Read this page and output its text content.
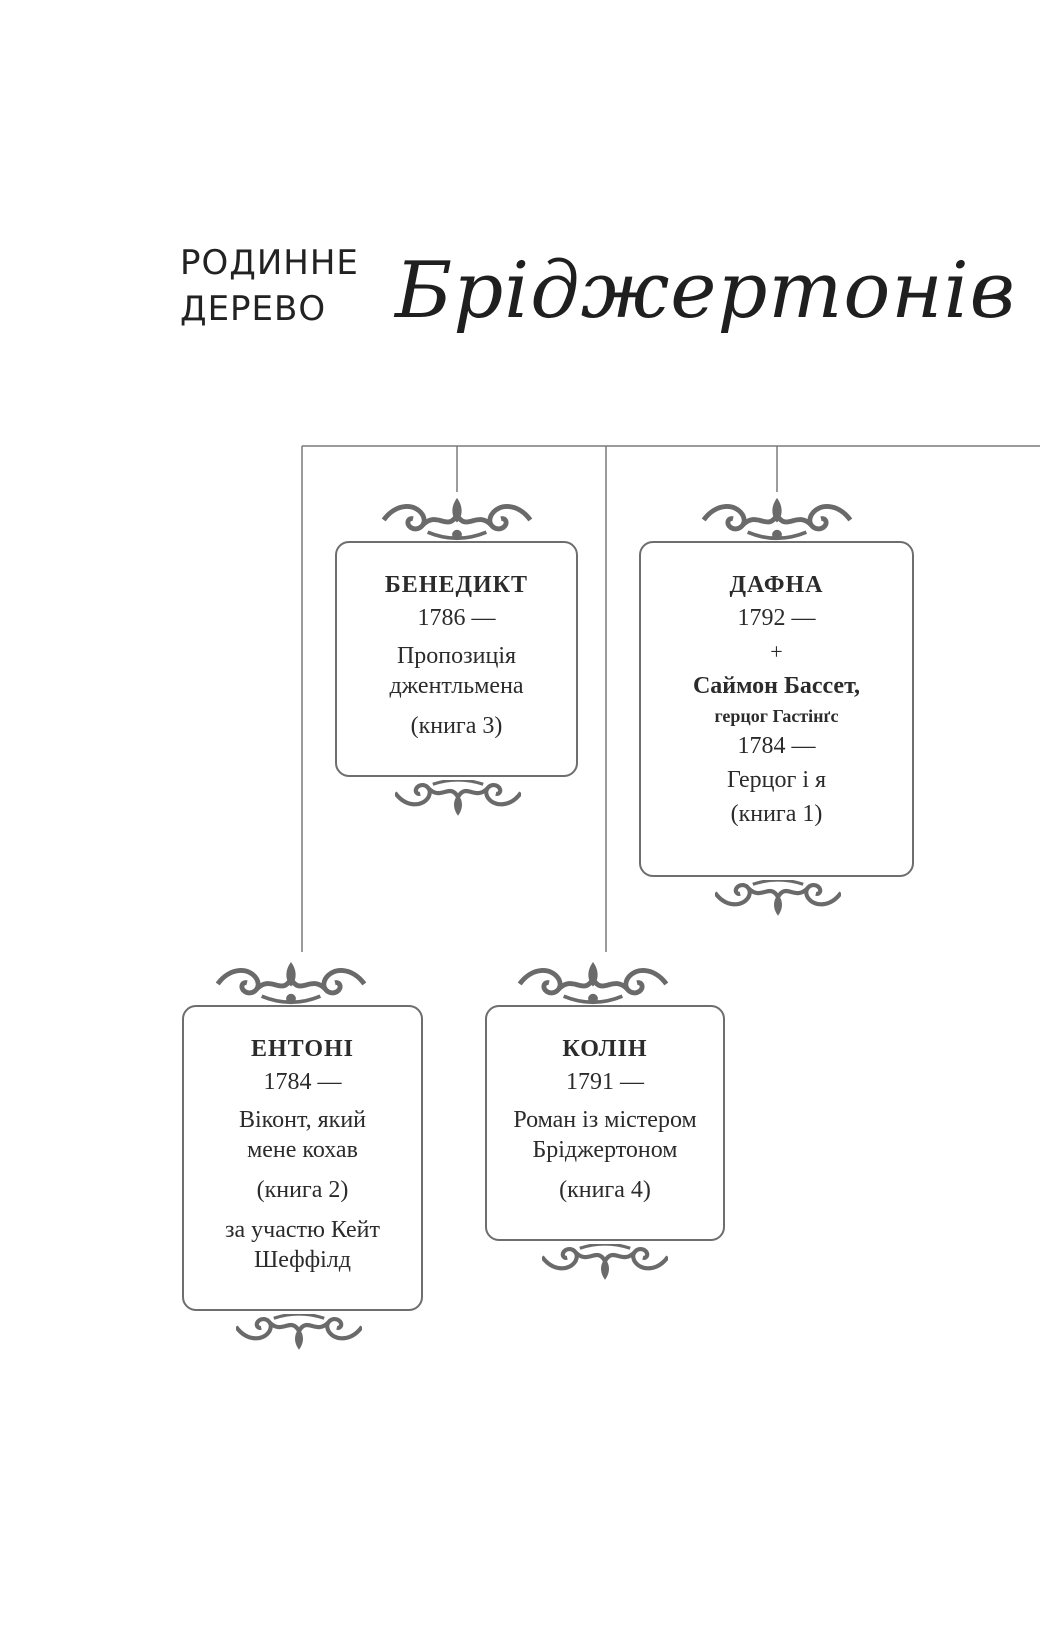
РОДИННЕ
ДЕРЕВО Бріджертонів
БЕНЕДИКТ
1786 —
Пропозиція джентльмена
(книга 3)
ДАФНА
1792 —
+
Саймон Бассет,
герцог Гастінґс
1784 —
Герцог і я
(книга 1)
ЕНТОНІ
1784 —
Віконт, який мене кохав
(книга 2)
за участю Кейт Шеффілд
КОЛІН
1791 —
Роман із містером Бріджертоном
(книга 4)
